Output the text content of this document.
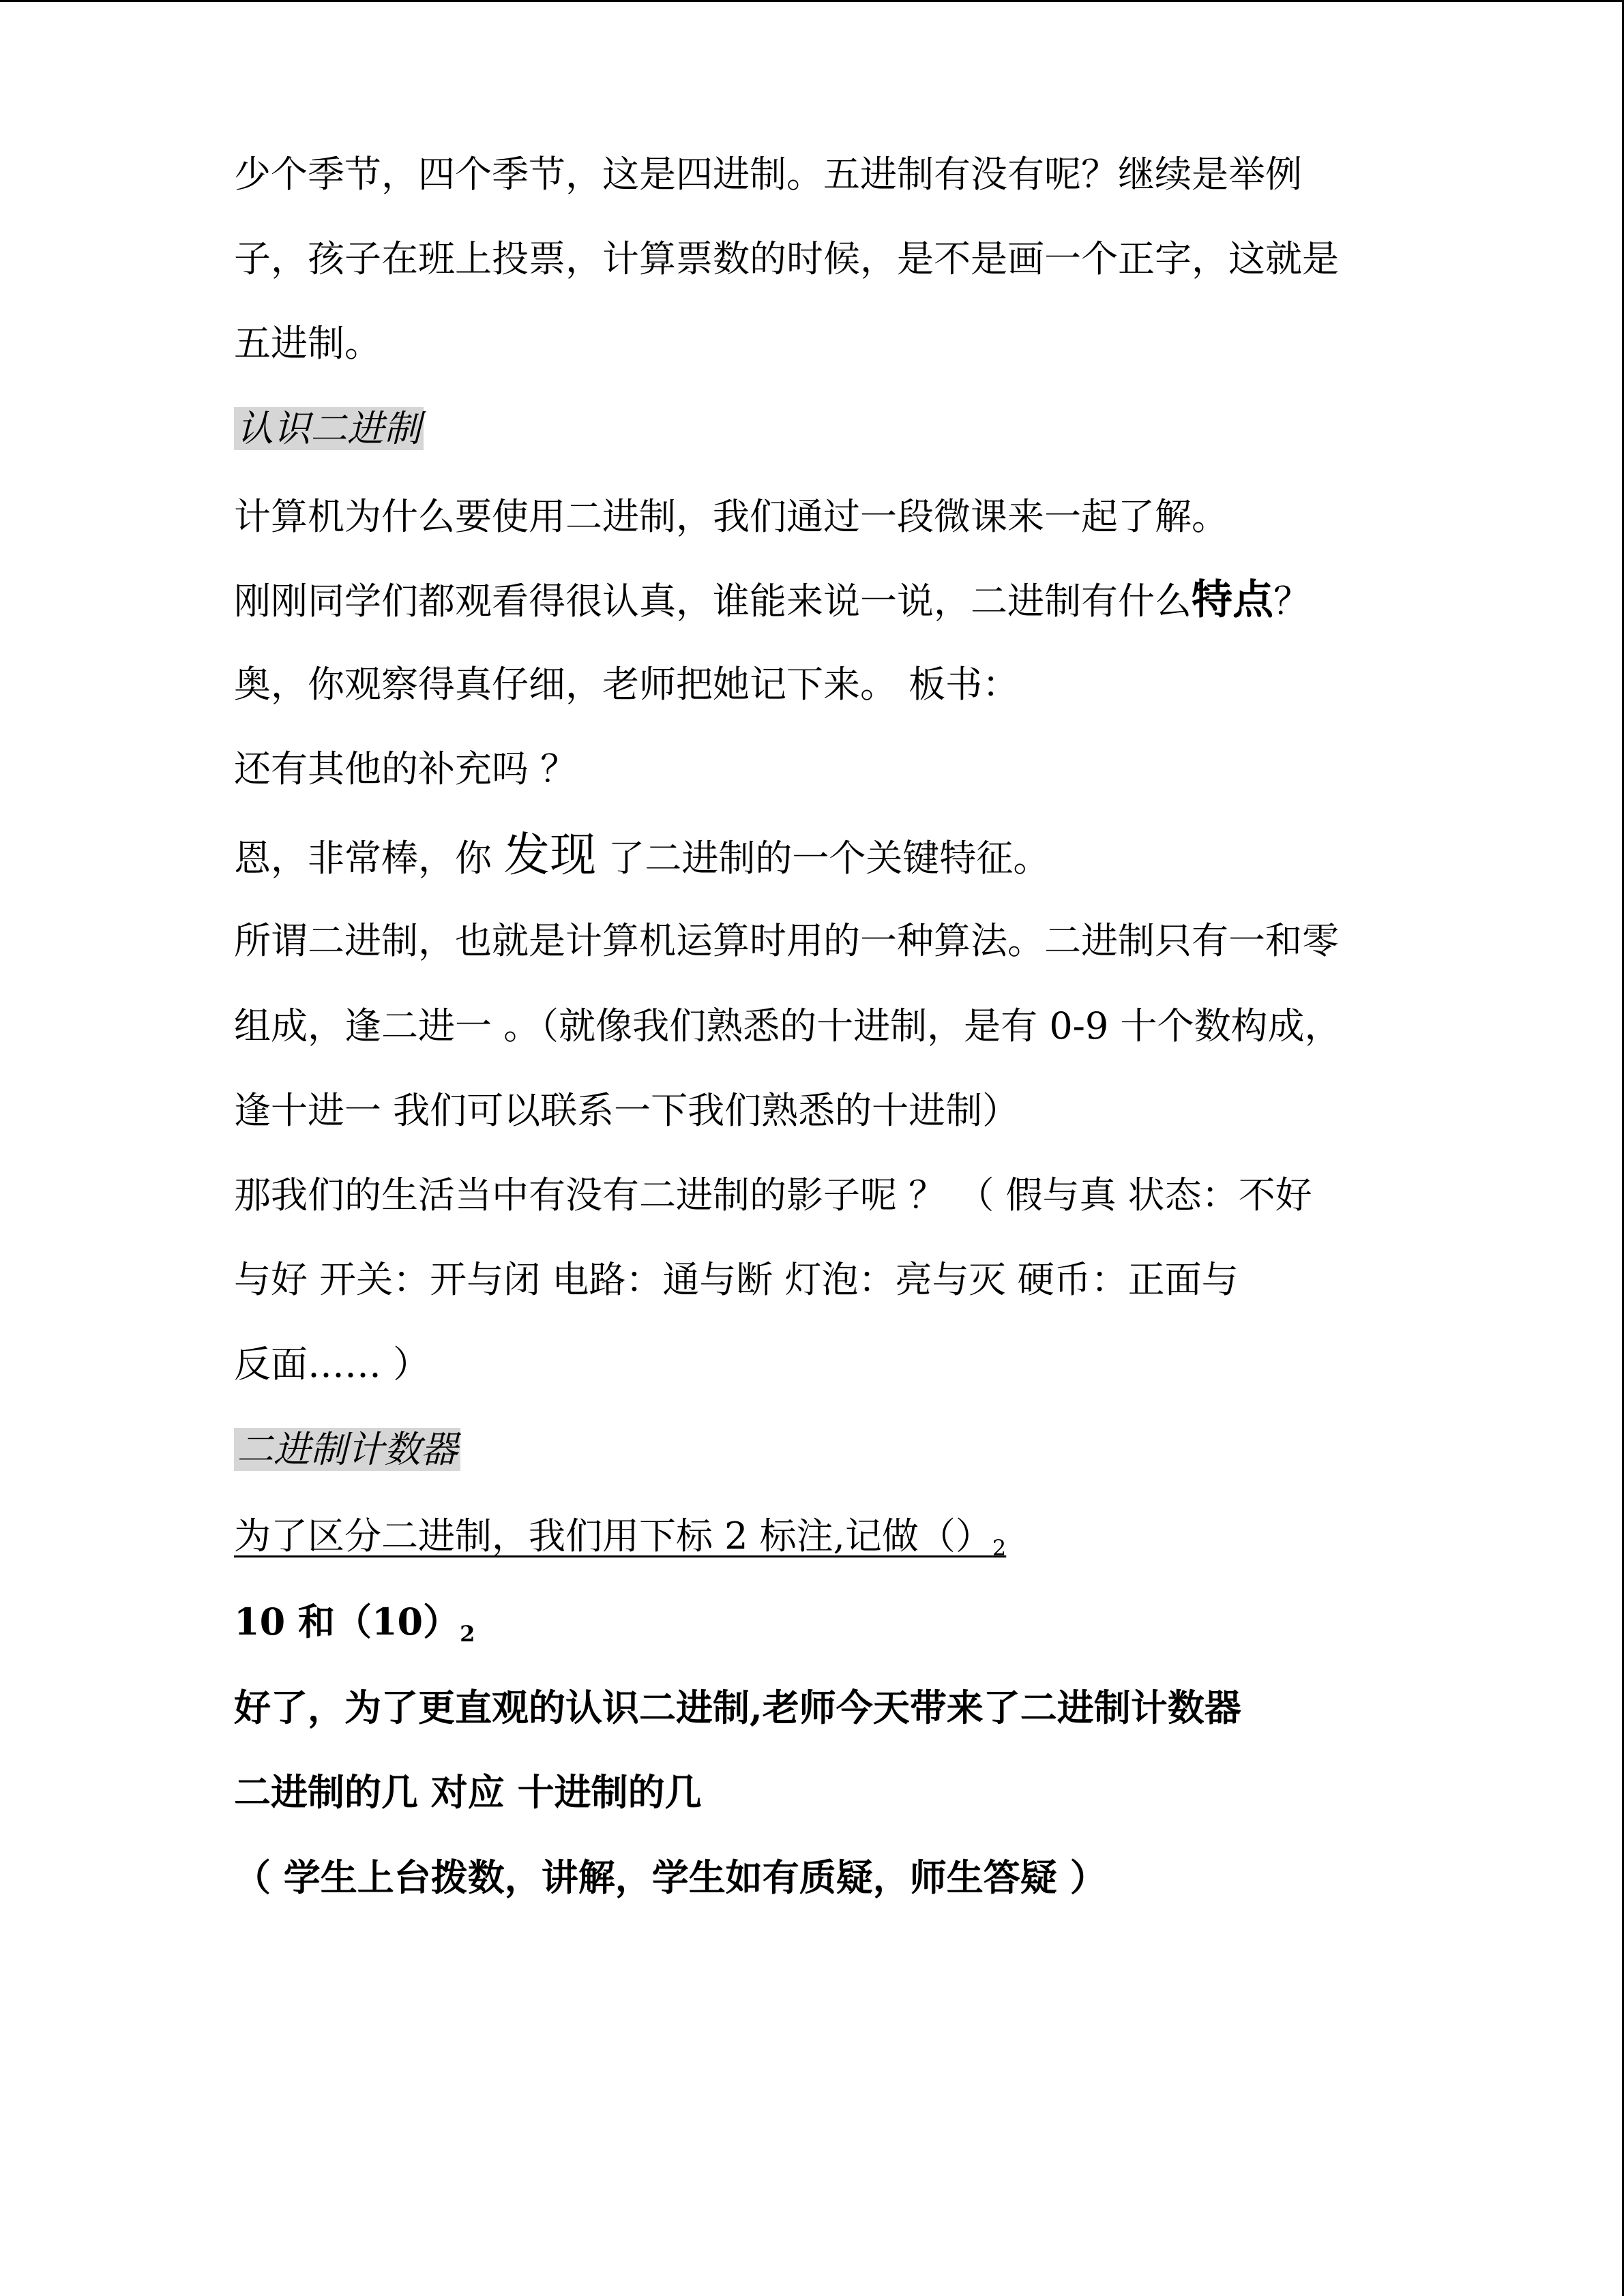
少个季节，四个季节，这是四进制。五进制有没有呢？继续是举例
子，孩子在班上投票，计算票数的时候，是不是画一个正字，这就是
五进制。
认识二进制
计算机为什么要使用二进制，我们通过一段微课来一起了解。
刚刚同学们都观看得很认真，谁能来说一说，二进制有什么特点？
奥，你观察得真仔细，老师把她记下来。 板书：
还有其他的补充吗 ？
恩，非常棒，你 发现 了二进制的一个关键特征。
所谓二进制，也就是计算机运算时用的一种算法。二进制只有一和零
组成，逢二进一 。（就像我们熟悉的十进制，是有 0-9 十个数构成，
逢十进一 我们可以联系一下我们熟悉的十进制）
那我们的生活当中有没有二进制的影子呢 ？ （ 假与真 状态：不好
与好 开关：开与闭 电路：通与断 灯泡：亮与灭 硬币：正面与
反面…… ）
二进制计数器
为了区分二进制，我们用下标 2 标注,记做$()_2$
10 和$(10)_2$
好了，为了更直观的认识二进制,老师今天带来了二进制计数器
二进制的几 对应 十进制的几
（ 学生上台拨数，讲解，学生如有质疑，师生答疑 ）
